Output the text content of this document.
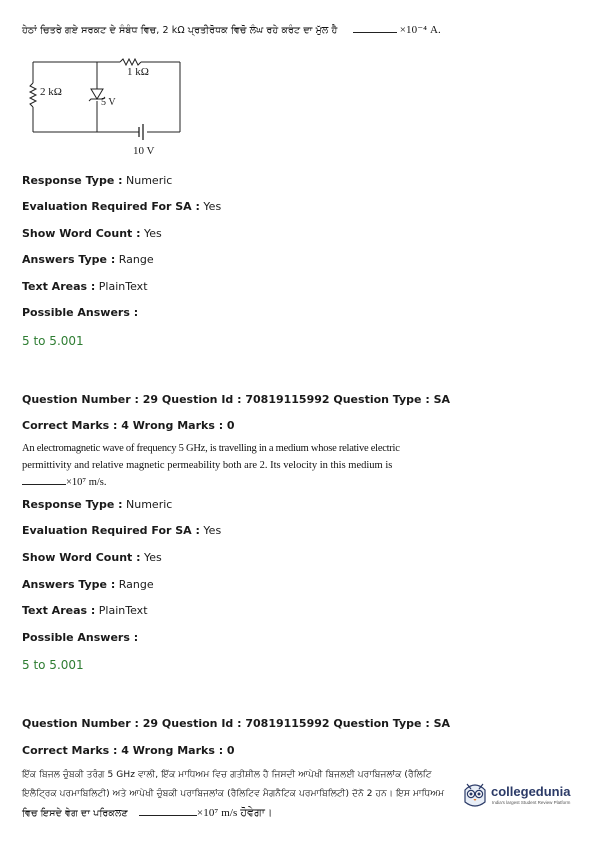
ਹੇਠਾਂ ਚਿਤਰੇ ਗਏ ਸਰਕਟ ਦੇ ਸੰਬੰਧ ਵਿਚ, 2 kΩ ਪ੍ਰਤੀਰੋਧਕ ਵਿਚੋ ਲੰਘ ਰਹੇ ਕਰੰਟ ਦਾ ਮੁੱਲ ਹੈ	×10⁻⁴ A.
1 kΩ
2 kΩ
5 V
10 V
Response Type : Numeric
Evaluation Required For SA : Yes
Show Word Count : Yes
Answers Type : Range
Text Areas : PlainText
Possible Answers :
5 to 5.001
Question Number : 29 Question Id : 70819115992 Question Type : SA
Correct Marks : 4 Wrong Marks : 0
An electromagnetic wave of frequency 5 GHz, is travelling in a medium whose relative electric
permittivity and relative magnetic permeability both are 2. Its velocity in this medium is
×10⁷ m/s.
Response Type : Numeric
Evaluation Required For SA : Yes
Show Word Count : Yes
Answers Type : Range
Text Areas : PlainText
Possible Answers :
5 to 5.001
Question Number : 29 Question Id : 70819115992 Question Type : SA
Correct Marks : 4 Wrong Marks : 0
ਇੱਕ ਬਿਜਲ ਚੁੰਬਕੀ ਤਰੰਗ 5 GHz ਵਾਲੀ, ਇੱਕ ਮਾਧਿਅਮ ਵਿਚ ਗਤੀਸ਼ੀਲ ਹੈ ਜਿਸਦੀ ਆਪੇਖੀ ਬਿਜਲਈ ਪਰਾਬਿਜਲਾਂਕ (ਰੈਲਿਟਿ
ਇਲੈਟ੍ਰਿਕ ਪਰਮਾਬਿਲਿਟੀ) ਅਤੇ ਆਪੇਖੀ ਚੁੰਬਕੀ ਪਰਾਬਿਜਲਾਂਕ (ਰੈਲਿਟਿਵ ਮੈਗਨੈਟਿਕ ਪਰਮਾਬਿਲਿਟੀ) ਦੋਨੋ 2 ਹਨ। ਇਸ ਮਾਧਿਅਮ
ਵਿਚ ਇਸਦੇ ਵੇਗ ਦਾ ਪਰਿਕਲਣ	×10⁷ m/s ਹੋਵੇਗਾ।
collegedunia
India's largest Student Review Platform
